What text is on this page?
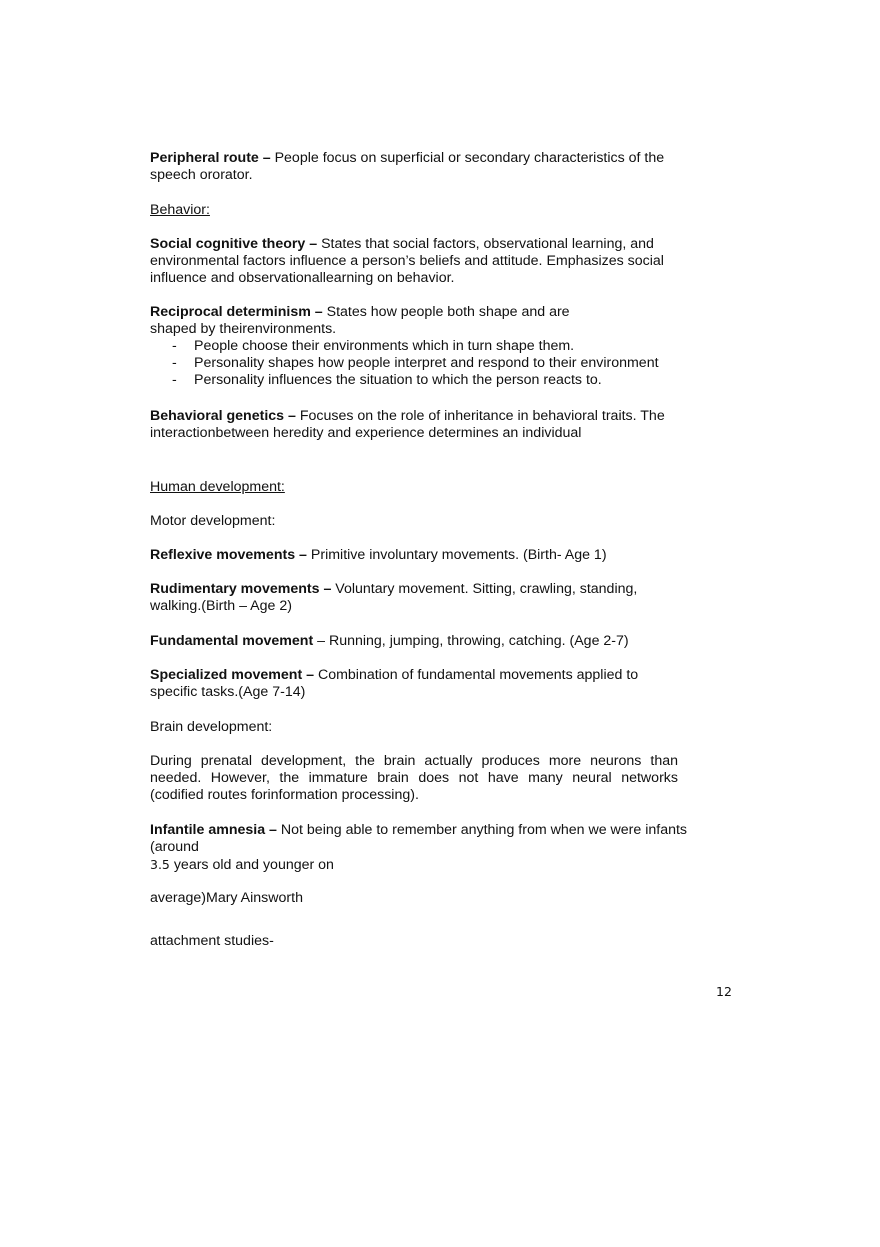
Peripheral route – People focus on superficial or secondary characteristics of the
speech ororator.
Behavior:
Social cognitive theory – States that social factors, observational learning, and
environmental factors influence a person’s beliefs and attitude. Emphasizes social
influence and observationallearning on behavior.
Reciprocal determinism – States how people both shape and are
shaped by theirenvironments.
- People choose their environments which in turn shape them.
- Personality shapes how people interpret and respond to their environment
- Personality influences the situation to which the person reacts to.
Behavioral genetics – Focuses on the role of inheritance in behavioral traits. The
interactionbetween heredity and experience determines an individual
Human development:
Motor development:
Reflexive movements – Primitive involuntary movements. (Birth- Age 1)
Rudimentary movements – Voluntary movement. Sitting, crawling, standing,
walking.(Birth – Age 2)
Fundamental movement – Running, jumping, throwing, catching. (Age 2-7)
Specialized movement – Combination of fundamental movements applied to
specific tasks.(Age 7-14)
Brain development:
During prenatal development, the brain actually produces more neurons than
needed. However, the immature brain does not have many neural networks
(codified routes forinformation processing).
Infantile amnesia – Not being able to remember anything from when we were infants
(around
3.5 years old and younger on
average)Mary Ainsworth
attachment studies-
12
